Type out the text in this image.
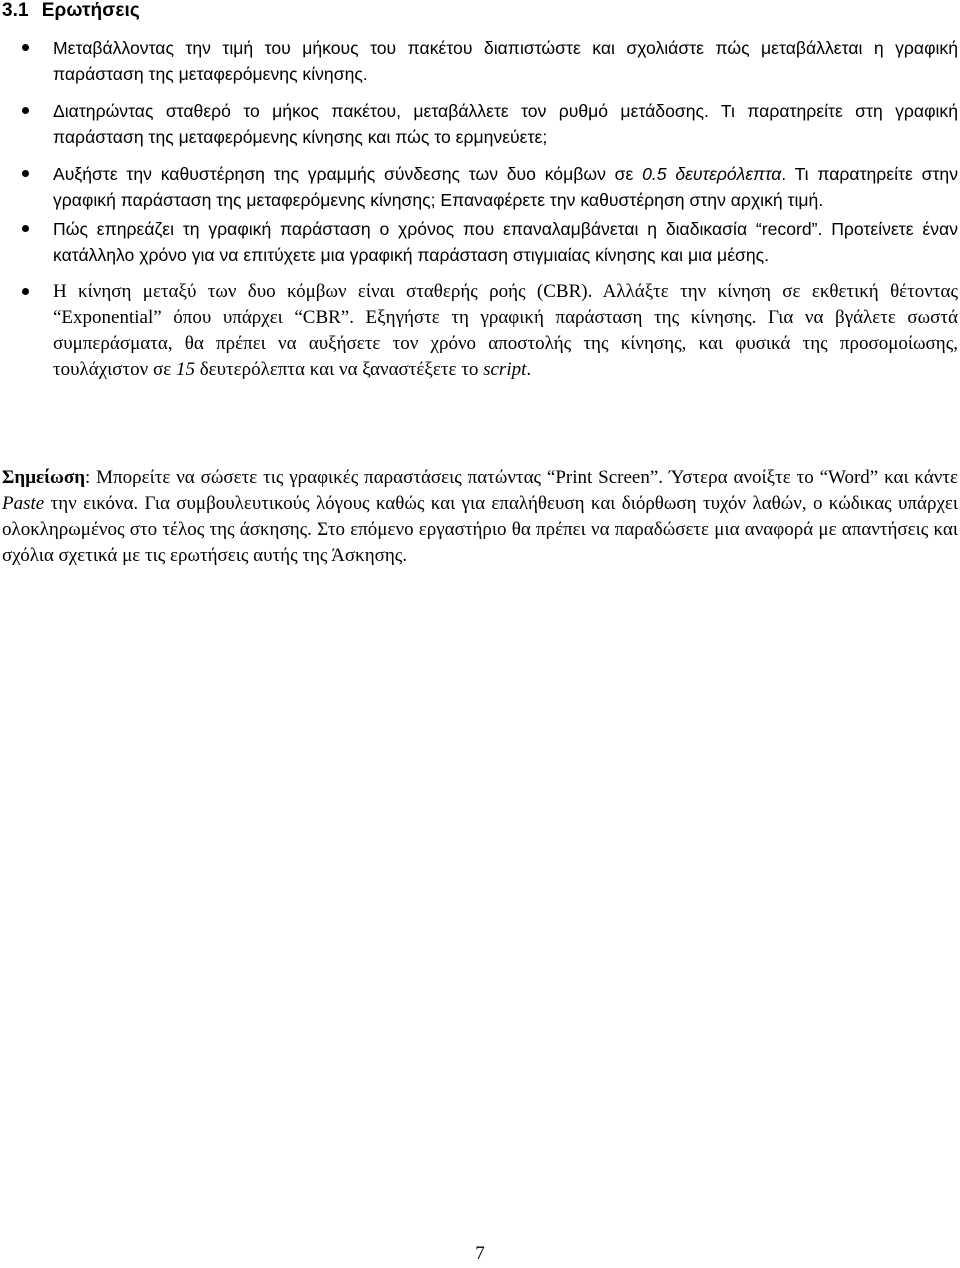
3.1 Ερωτήσεις
Μεταβάλλοντας την τιμή του μήκους του πακέτου διαπιστώστε και σχολιάστε πώς μεταβάλλεται η γραφική παράσταση της μεταφερόμενης κίνησης.
Διατηρώντας σταθερό το μήκος πακέτου, μεταβάλλετε τον ρυθμό μετάδοσης. Τι παρατηρείτε στη γραφική παράσταση της μεταφερόμενης κίνησης και πώς το ερμηνεύετε;
Αυξήστε την καθυστέρηση της γραμμής σύνδεσης των δυο κόμβων σε 0.5 δευτερόλεπτα. Τι παρατηρείτε στην γραφική παράσταση της μεταφερόμενης κίνησης; Επαναφέρετε την καθυστέρηση στην αρχική τιμή.
Πώς επηρεάζει τη γραφική παράσταση ο χρόνος που επαναλαμβάνεται η διαδικασία “record”. Προτείνετε έναν κατάλληλο χρόνο για να επιτύχετε μια γραφική παράσταση στιγμιαίας κίνησης και μια μέσης.
Η κίνηση μεταξύ των δυο κόμβων είναι σταθερής ροής (CBR). Αλλάξτε την κίνηση σε εκθετική θέτοντας “Exponential” όπου υπάρχει “CBR”. Εξηγήστε τη γραφική παράσταση της κίνησης. Για να βγάλετε σωστά συμπεράσματα, θα πρέπει να αυξήσετε τον χρόνο αποστολής της κίνησης, και φυσικά της προσομοίωσης, τουλάχιστον σε 15 δευτερόλεπτα και να ξαναστέξετε το script.

Σημείωση: Μπορείτε να σώσετε τις γραφικές παραστάσεις πατώντας “Print Screen”. Ύστερα ανοίξτε το “Word” και κάντε Paste την εικόνα. Για συμβουλευτικούς λόγους καθώς και για επαλήθευση και διόρθωση τυχόν λαθών, ο κώδικας υπάρχει ολοκληρωμένος στο τέλος της άσκησης. Στο επόμενο εργαστήριο θα πρέπει να παραδώσετε μια αναφορά με απαντήσεις και σχόλια σχετικά με τις ερωτήσεις αυτής της Άσκησης.

7
